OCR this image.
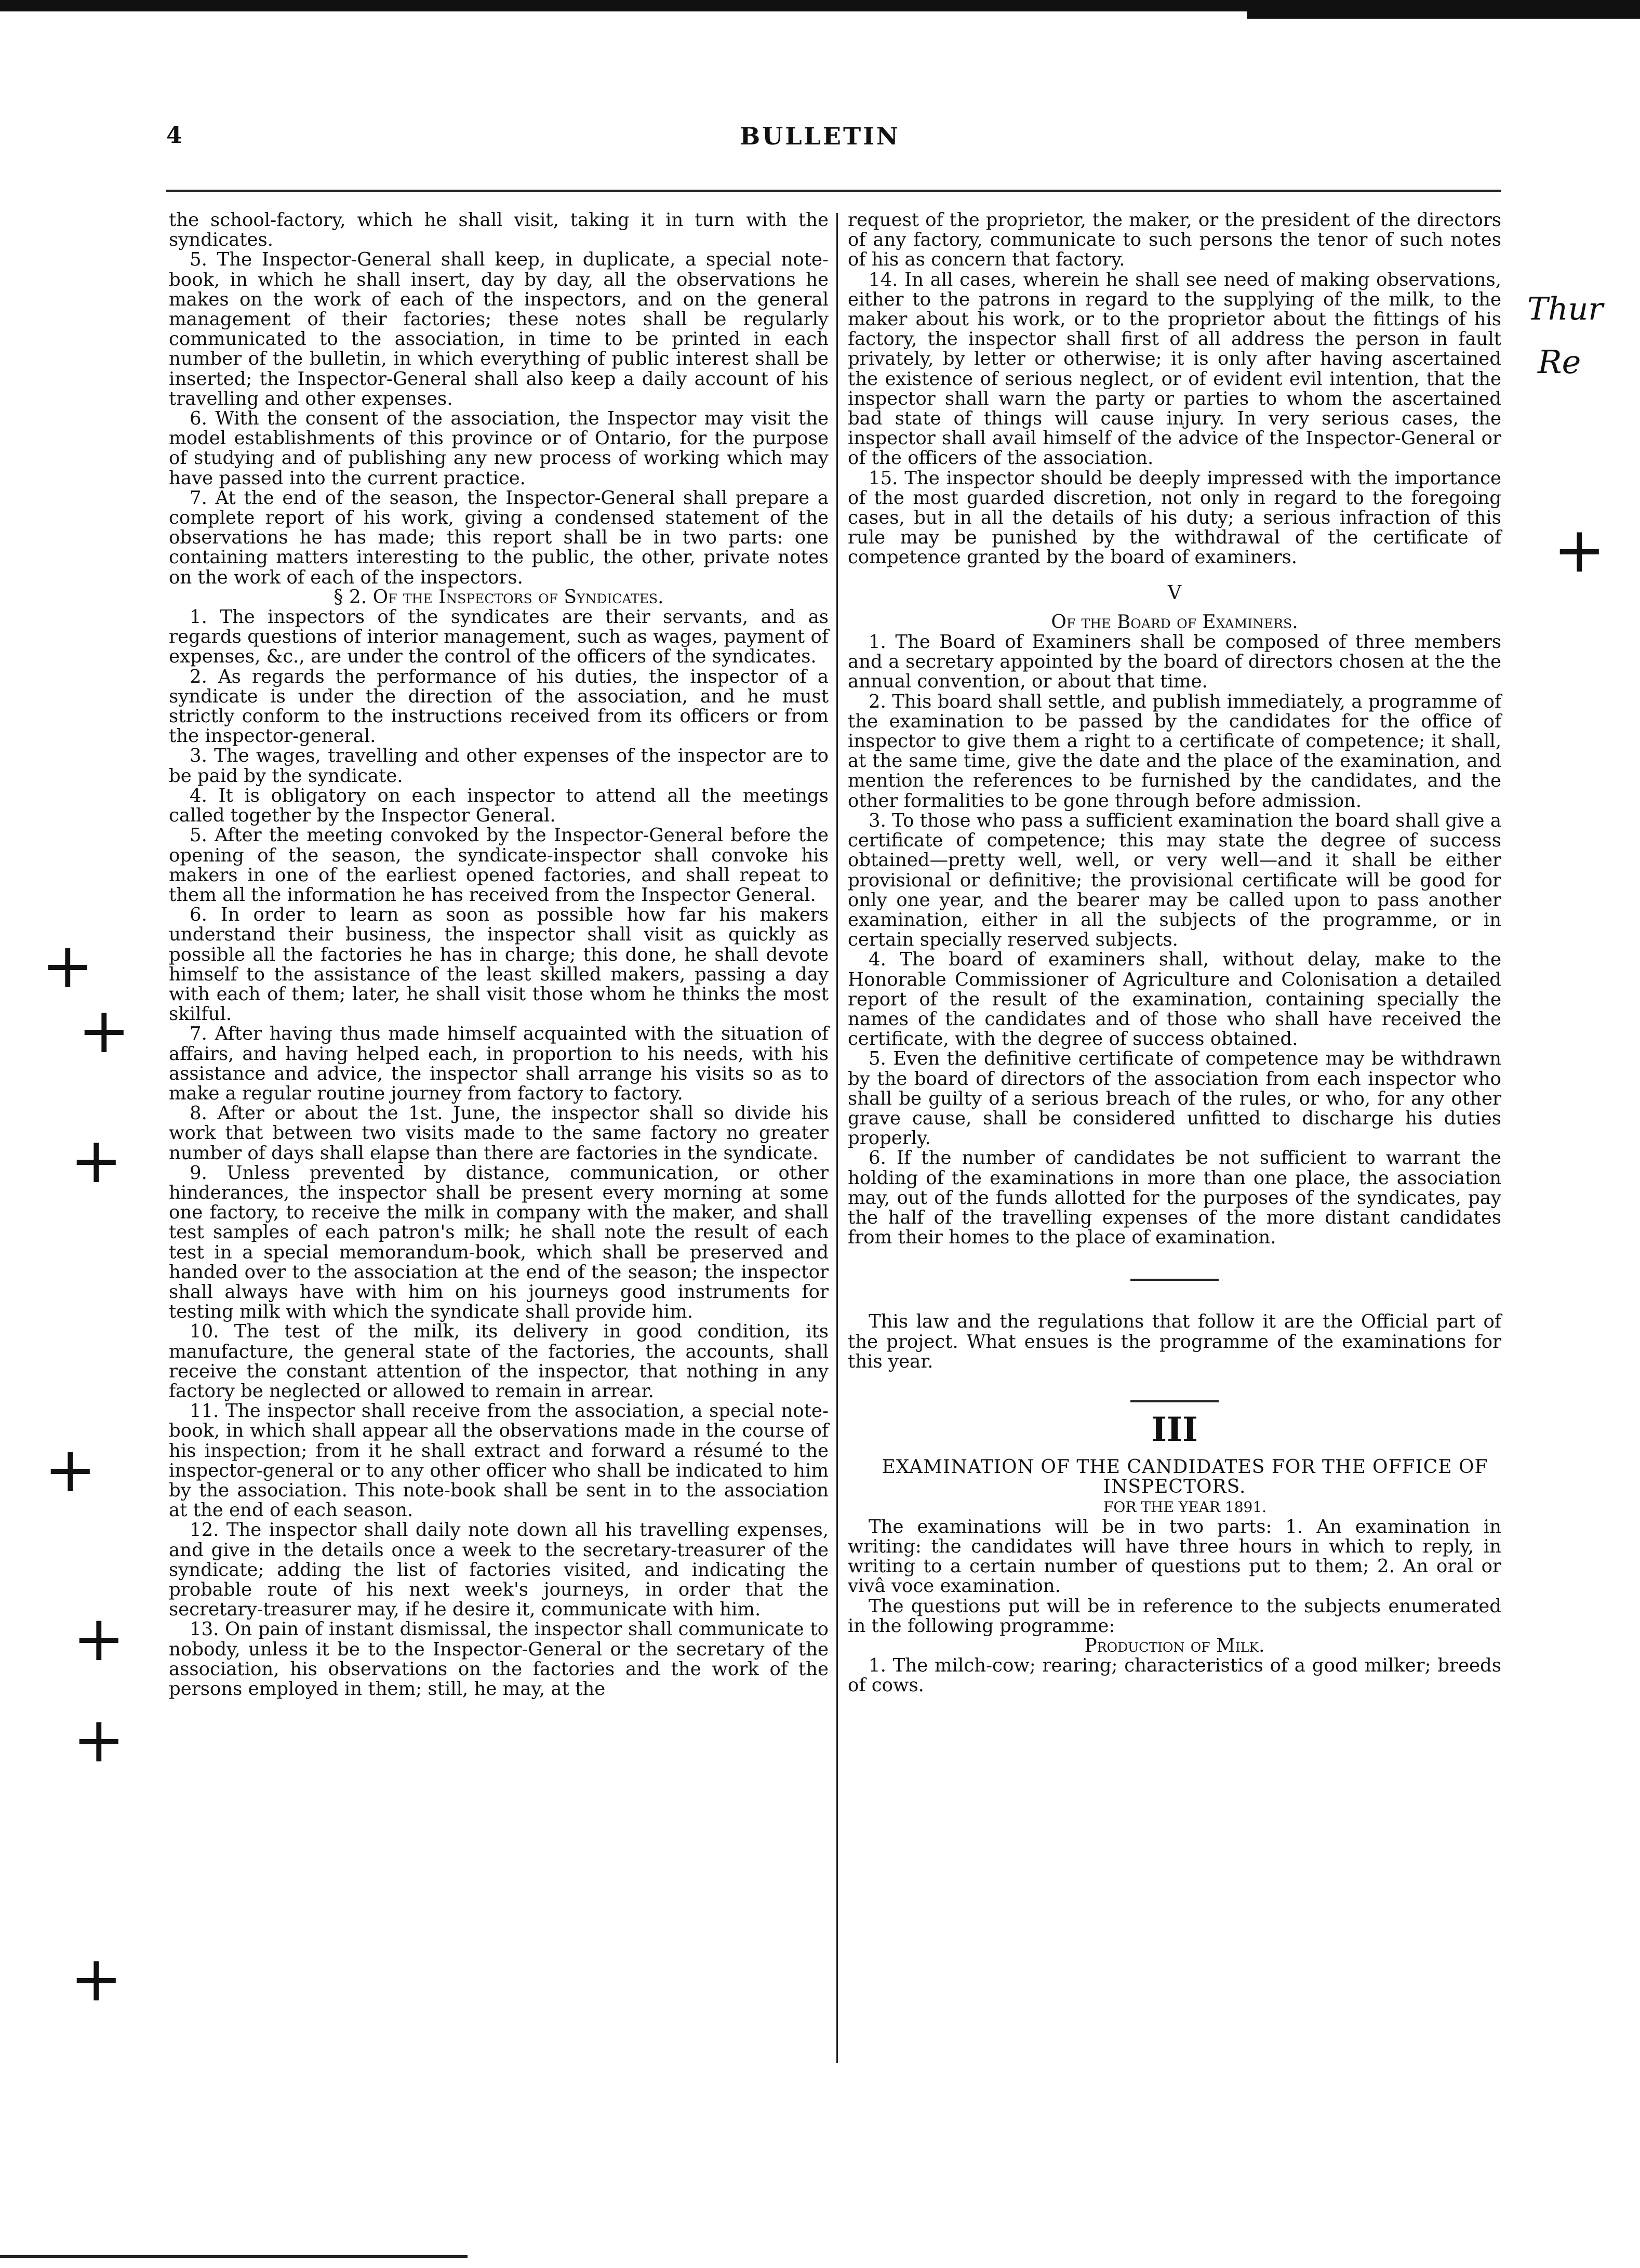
4	BULLETIN

the school-factory, which he shall visit, taking it in turn with the syndicates.

5. The Inspector-General shall keep, in duplicate, a special note-book, in which he shall insert, day by day, all the observations he makes on the work of each of the inspectors, and on the general management of their factories; these notes shall be regularly communicated to the association, in time to be printed in each number of the bulletin, in which everything of public interest shall be inserted; the Inspector-General shall also keep a daily account of his travelling and other expenses.

6. With the consent of the association, the Inspector may visit the model establishments of this province or of Ontario, for the purpose of studying and of publishing any new process of working which may have passed into the current practice.

7. At the end of the season, the Inspector-General shall prepare a complete report of his work, giving a condensed statement of the observations he has made; this report shall be in two parts: one containing matters interesting to the public, the other, private notes on the work of each of the inspectors.

§ 2. Of the Inspectors of Syndicates.

1. The inspectors of the syndicates are their servants, and as regards questions of interior management, such as wages, payment of expenses, &c., are under the control of the officers of the syndicates.

2. As regards the performance of his duties, the inspector of a syndicate is under the direction of the association, and he must strictly conform to the instructions received from its officers or from the inspector-general.

3. The wages, travelling and other expenses of the inspector are to be paid by the syndicate.

4. It is obligatory on each inspector to attend all the meetings called together by the Inspector General.

5. After the meeting convoked by the Inspector-General before the opening of the season, the syndicate-inspector shall convoke his makers in one of the earliest opened factories, and shall repeat to them all the information he has received from the Inspector General.

6. In order to learn as soon as possible how far his makers understand their business, the inspector shall visit as quickly as possible all the factories he has in charge; this done, he shall devote himself to the assistance of the least skilled makers, passing a day with each of them; later, he shall visit those whom he thinks the most skilful.

7. After having thus made himself acquainted with the situation of affairs, and having helped each, in proportion to his needs, with his assistance and advice, the inspector shall arrange his visits so as to make a regular routine journey from factory to factory.

8. After or about the 1st. June, the inspector shall so divide his work that between two visits made to the same factory no greater number of days shall elapse than there are factories in the syndicate.

9. Unless prevented by distance, communication, or other hinderances, the inspector shall be present every morning at some one factory, to receive the milk in company with the maker, and shall test samples of each patron's milk; he shall note the result of each test in a special memorandum-book, which shall be preserved and handed over to the association at the end of the season; the inspector shall always have with him on his journeys good instruments for testing milk with which the syndicate shall provide him.

10. The test of the milk, its delivery in good condition, its manufacture, the general state of the factories, the accounts, shall receive the constant attention of the inspector, that nothing in any factory be neglected or allowed to remain in arrear.

11. The inspector shall receive from the association, a special note-book, in which shall appear all the observations made in the course of his inspection; from it he shall extract and forward a résumé to the inspector-general or to any other officer who shall be indicated to him by the association. This note-book shall be sent in to the association at the end of each season.

12. The inspector shall daily note down all his travelling expenses, and give in the details once a week to the secretary-treasurer of the syndicate; adding the list of factories visited, and indicating the probable route of his next week's journeys, in order that the secretary-treasurer may, if he desire it, communicate with him.

13. On pain of instant dismissal, the inspector shall communicate to nobody, unless it be to the Inspector-General or the secretary of the association, his observations on the factories and the work of the persons employed in them; still, he may, at the

request of the proprietor, the maker, or the president of the directors of any factory, communicate to such persons the tenor of such notes of his as concern that factory.

14. In all cases, wherein he shall see need of making observations, either to the patrons in regard to the supplying of the milk, to the maker about his work, or to the proprietor about the fittings of his factory, the inspector shall first of all address the person in fault privately, by letter or otherwise; it is only after having ascertained the existence of serious neglect, or of evident evil intention, that the inspector shall warn the party or parties to whom the ascertained bad state of things will cause injury. In very serious cases, the inspector shall avail himself of the advice of the Inspector-General or of the officers of the association.

15. The inspector should be deeply impressed with the importance of the most guarded discretion, not only in regard to the foregoing cases, but in all the details of his duty; a serious infraction of this rule may be punished by the withdrawal of the certificate of competence granted by the board of examiners.

V

Of the Board of Examiners.

1. The Board of Examiners shall be composed of three members and a secretary appointed by the board of directors chosen at the the annual convention, or about that time.

2. This board shall settle, and publish immediately, a programme of the examination to be passed by the candidates for the office of inspector to give them a right to a certificate of competence; it shall, at the same time, give the date and the place of the examination, and mention the references to be furnished by the candidates, and the other formalities to be gone through before admission.

3. To those who pass a sufficient examination the board shall give a certificate of competence; this may state the degree of success obtained—pretty well, well, or very well—and it shall be either provisional or definitive; the provisional certificate will be good for only one year, and the bearer may be called upon to pass another examination, either in all the subjects of the programme, or in certain specially reserved subjects.

4. The board of examiners shall, without delay, make to the Honorable Commissioner of Agriculture and Colonisation a detailed report of the result of the examination, containing specially the names of the candidates and of those who shall have received the certificate, with the degree of success obtained.

5. Even the definitive certificate of competence may be withdrawn by the board of directors of the association from each inspector who shall be guilty of a serious breach of the rules, or who, for any other grave cause, shall be considered unfitted to discharge his duties properly.

6. If the number of candidates be not sufficient to warrant the holding of the examinations in more than one place, the association may, out of the funds allotted for the purposes of the syndicates, pay the half of the travelling expenses of the more distant candidates from their homes to the place of examination.

This law and the regulations that follow it are the Official part of the project. What ensues is the programme of the examinations for this year.

III

EXAMINATION OF THE CANDIDATES FOR THE OFFICE OF INSPECTORS.

FOR THE YEAR 1891.

The examinations will be in two parts: 1. An examination in writing: the candidates will have three hours in which to reply, in writing to a certain number of questions put to them; 2. An oral or vivâ voce examination.

The questions put will be in reference to the subjects enumerated in the following programme:

Production of Milk.

1. The milch-cow; rearing; characteristics of a good milker; breeds of cows.

+
+
+
+
+
+
+
+
Thur
Re
